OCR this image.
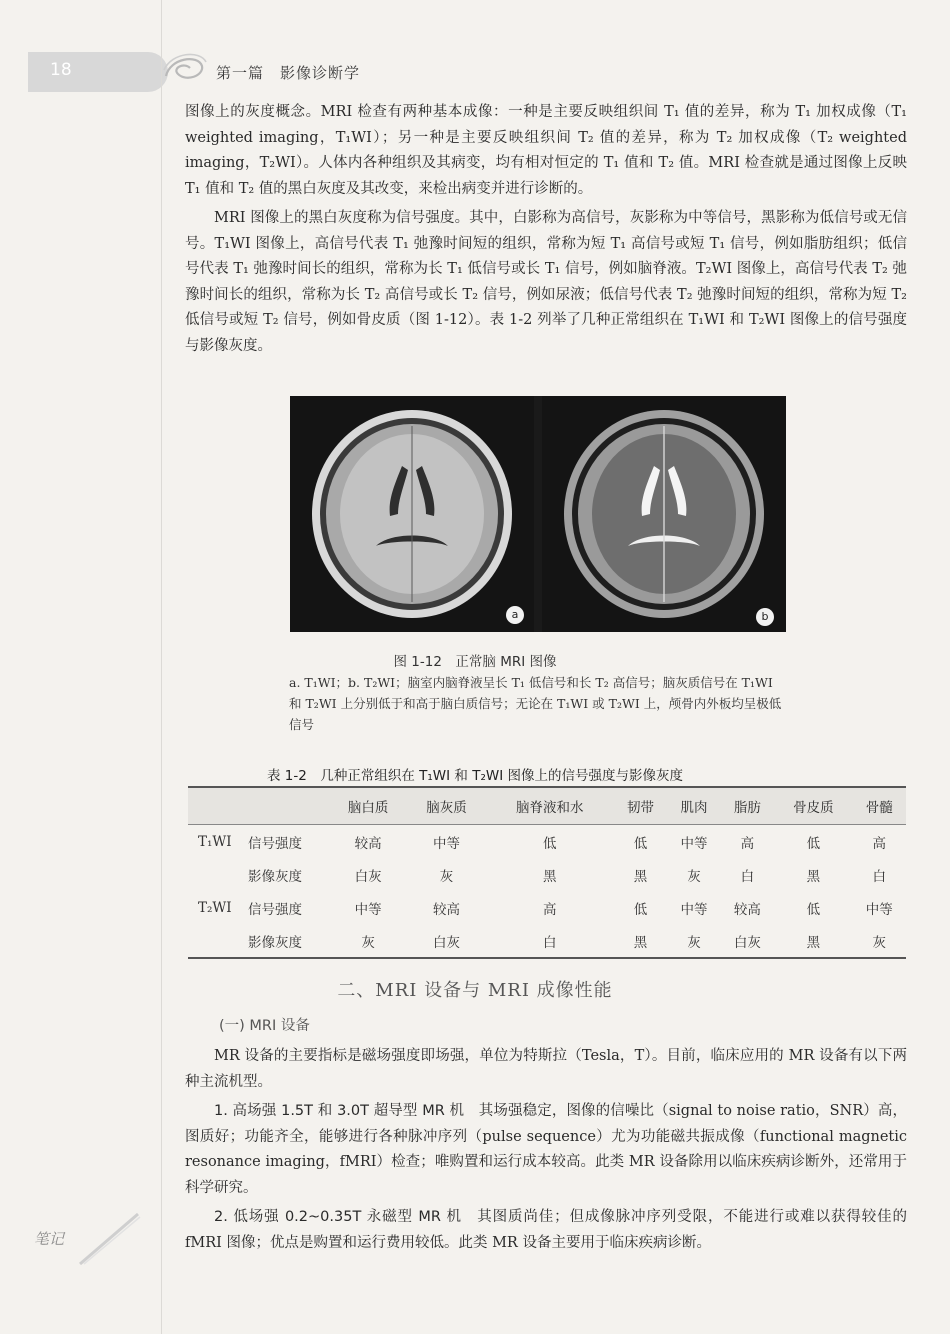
18	第一篇　影像诊断学

图像上的灰度概念。MRI 检查有两种基本成像：一种是主要反映组织间 T₁ 值的差异，称为 T₁ 加权成像（T₁ weighted imaging，T₁WI）；另一种是主要反映组织间 T₂ 值的差异，称为 T₂ 加权成像（T₂ weighted imaging，T₂WI）。人体内各种组织及其病变，均有相对恒定的 T₁ 值和 T₂ 值。MRI 检查就是通过图像上反映 T₁ 值和 T₂ 值的黑白灰度及其改变，来检出病变并进行诊断的。

MRI 图像上的黑白灰度称为信号强度。其中，白影称为高信号，灰影称为中等信号，黑影称为低信号或无信号。T₁WI 图像上，高信号代表 T₁ 弛豫时间短的组织，常称为短 T₁ 高信号或短 T₁ 信号，例如脂肪组织；低信号代表 T₁ 弛豫时间长的组织，常称为长 T₁ 低信号或长 T₁ 信号，例如脑脊液。T₂WI 图像上，高信号代表 T₂ 弛豫时间长的组织，常称为长 T₂ 高信号或长 T₂ 信号，例如尿液；低信号代表 T₂ 弛豫时间短的组织，常称为短 T₂ 低信号或短 T₂ 信号，例如骨皮质（图 1-12）。表 1-2 列举了几种正常组织在 T₁WI 和 T₂WI 图像上的信号强度与影像灰度。

a	b
图 1-12　正常脑 MRI 图像
a. T₁WI；b. T₂WI；脑室内脑脊液呈长 T₁ 低信号和长 T₂ 高信号；脑灰质信号在 T₁WI 和 T₂WI 上分别低于和高于脑白质信号；无论在 T₁WI 或 T₂WI 上，颅骨内外板均呈极低信号
表 1-2　几种正常组织在 T₁WI 和 T₂WI 图像上的信号强度与影像灰度
		脑白质	脑灰质	脑脊液和水	韧带	肌肉	脂肪	骨皮质	骨髓
T₁WI	信号强度	较高	中等	低	低	中等	高	低	高
	影像灰度	白灰	灰	黑	黑	灰	白	黑	白
T₂WI	信号强度	中等	较高	高	低	中等	较高	低	中等
	影像灰度	灰	白灰	白	黑	灰	白灰	黑	灰
二、MRI 设备与 MRI 成像性能
(一) MRI 设备

MR 设备的主要指标是磁场强度即场强，单位为特斯拉（Tesla，T）。目前，临床应用的 MR 设备有以下两种主流机型。

1. 高场强 1.5T 和 3.0T 超导型 MR 机　其场强稳定，图像的信噪比（signal to noise ratio，SNR）高，图质好；功能齐全，能够进行各种脉冲序列（pulse sequence）尤为功能磁共振成像（functional magnetic resonance imaging，fMRI）检查；唯购置和运行成本较高。此类 MR 设备除用以临床疾病诊断外，还常用于科学研究。

2. 低场强 0.2~0.35T 永磁型 MR 机　其图质尚佳；但成像脉冲序列受限，不能进行或难以获得较佳的 fMRI 图像；优点是购置和运行费用较低。此类 MR 设备主要用于临床疾病诊断。

笔记
